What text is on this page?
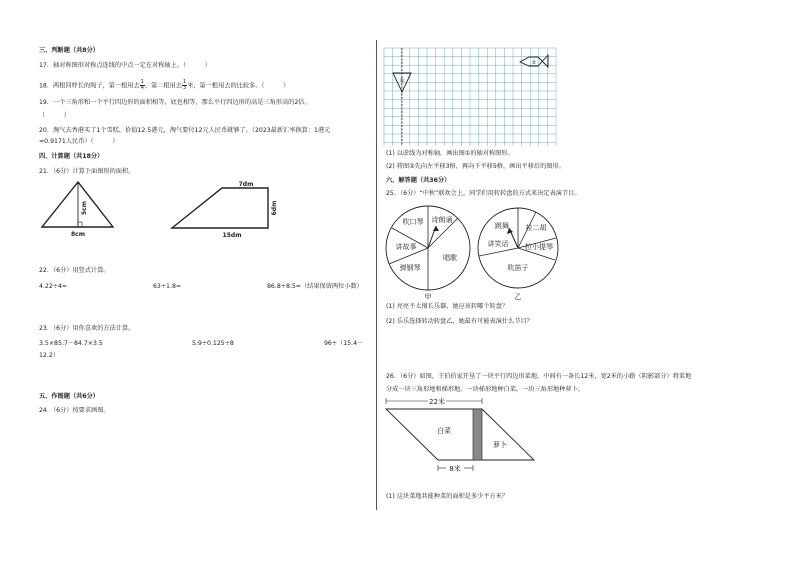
三、判断题（共8分）
17．轴对称图形对称点连线的中点一定在对称轴上。（　　　）
18．两根同样长的绳子，第一根用去 $\frac{1}{4}$ ，第二根用去 $\frac{1}{3}$ 米，第一根用去的比较多。（　　　）
19．一个三角形和一个平行四边形的面积相等，底也相等，那么平行四边形的高是三角形高的2倍。
（　　　）
20．淘气去香港买了1个雪糕，价值12.5港元，淘气要付12元人民币就够了。（2023最新汇率换算：1港元
≈0.9171人民币）（　　　）
四、计算题（共18分）
21．（6分）计算下面图形的面积。
5cm
8cm
7dm
6dm
15dm
22．（6分）用竖式计算。
4.22÷4=	63÷1.8=	86.8÷8.5≈（结果保留两位小数）
23．（6分）用你喜欢的方法计算。
3.5×85.7－84.7×3.5	5.9÷0.125÷8	96÷（15.4－
12.2）
五、作图题（共6分）
24．（6分）按要求画图。
①
②
(1) 以虚线为对称轴，画出图①的轴对称图形。
(2) 将图②先向左平移3格，再向下平移5格，画出平移后的图形。
六、解答题（共36分）
25．（6分）“中秋”联欢会上，同学们用转转盘的方式来决定表演节目。
吹口琴 诗朗诵
讲故事
弹钢琴
唱歌
甲
跳舞 拉二胡
拉小提琴
讲笑话
吹笛子
乙
(1) 亮亮不太擅长乐器，她应该转哪个转盘？
(2) 乐乐选择转动转盘乙，她最有可能表演什么节目？
26．（6分）如图，王伯伯家开垦了一块平行四边形菜地，中间有一条长12米，宽2米的小路（阴影部分）将菜地
分成一块三角形地和梯形地。一块梯形地种白菜，一块三角形地种萝卜。
22米
白菜
萝卜
8米
(1) 这块菜地共能种菜的面积是多少平方米？
